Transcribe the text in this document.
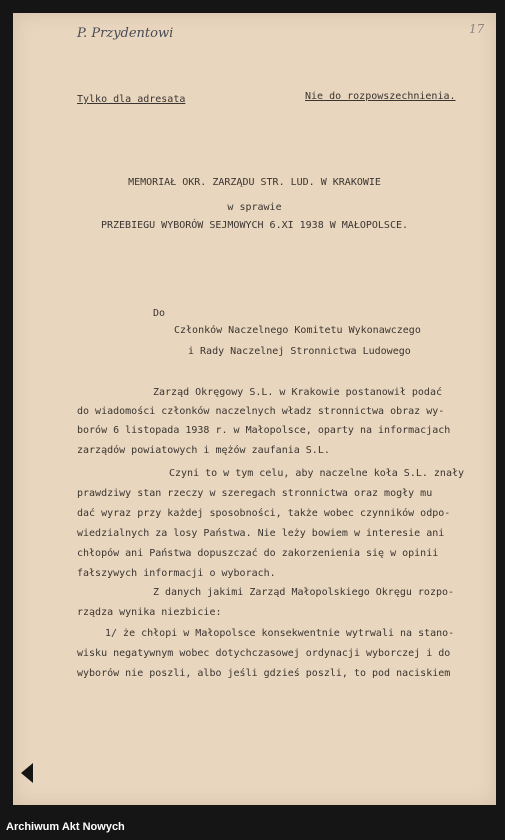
P. Przydentowi	17
Tylko dla adresata	Nie do rozpowszechnienia.
MEMORIAŁ OKR. ZARZĄDU STR. LUD. W KRAKOWIE
w sprawie
PRZEBIEGU WYBORÓW SEJMOWYCH 6.XI 1938 W MAŁOPOLSCE.
Do
Członków Naczelnego Komitetu Wykonawczego
i Rady Naczelnej Stronnictwa Ludowego
Zarząd Okręgowy S.L. w Krakowie postanowił podać
do wiadomości członków naczelnych władz stronnictwa obraz wy-
borów 6 listopada 1938 r. w Małopolsce, oparty na informacjach
zarządów powiatowych i mężów zaufania S.L.
Czyni to w tym celu, aby naczelne koła S.L. znały
prawdziwy stan rzeczy w szeregach stronnictwa oraz mogły mu
dać wyraz przy każdej sposobności, także wobec czynników odpo-
wiedzialnych za losy Państwa. Nie leży bowiem w interesie ani
chłopów ani Państwa dopuszczać do zakorzenienia się w opinii
fałszywych informacji o wyborach.
Z danych jakimi Zarząd Małopolskiego Okręgu rozpo-
rządza wynika niezbicie:
1/ że chłopi w Małopolsce konsekwentnie wytrwali na stano-
wisku negatywnym wobec dotychczasowej ordynacji wyborczej i do
wyborów nie poszli, albo jeśli gdzieś poszli, to pod naciskiem
Archiwum Akt Nowych
